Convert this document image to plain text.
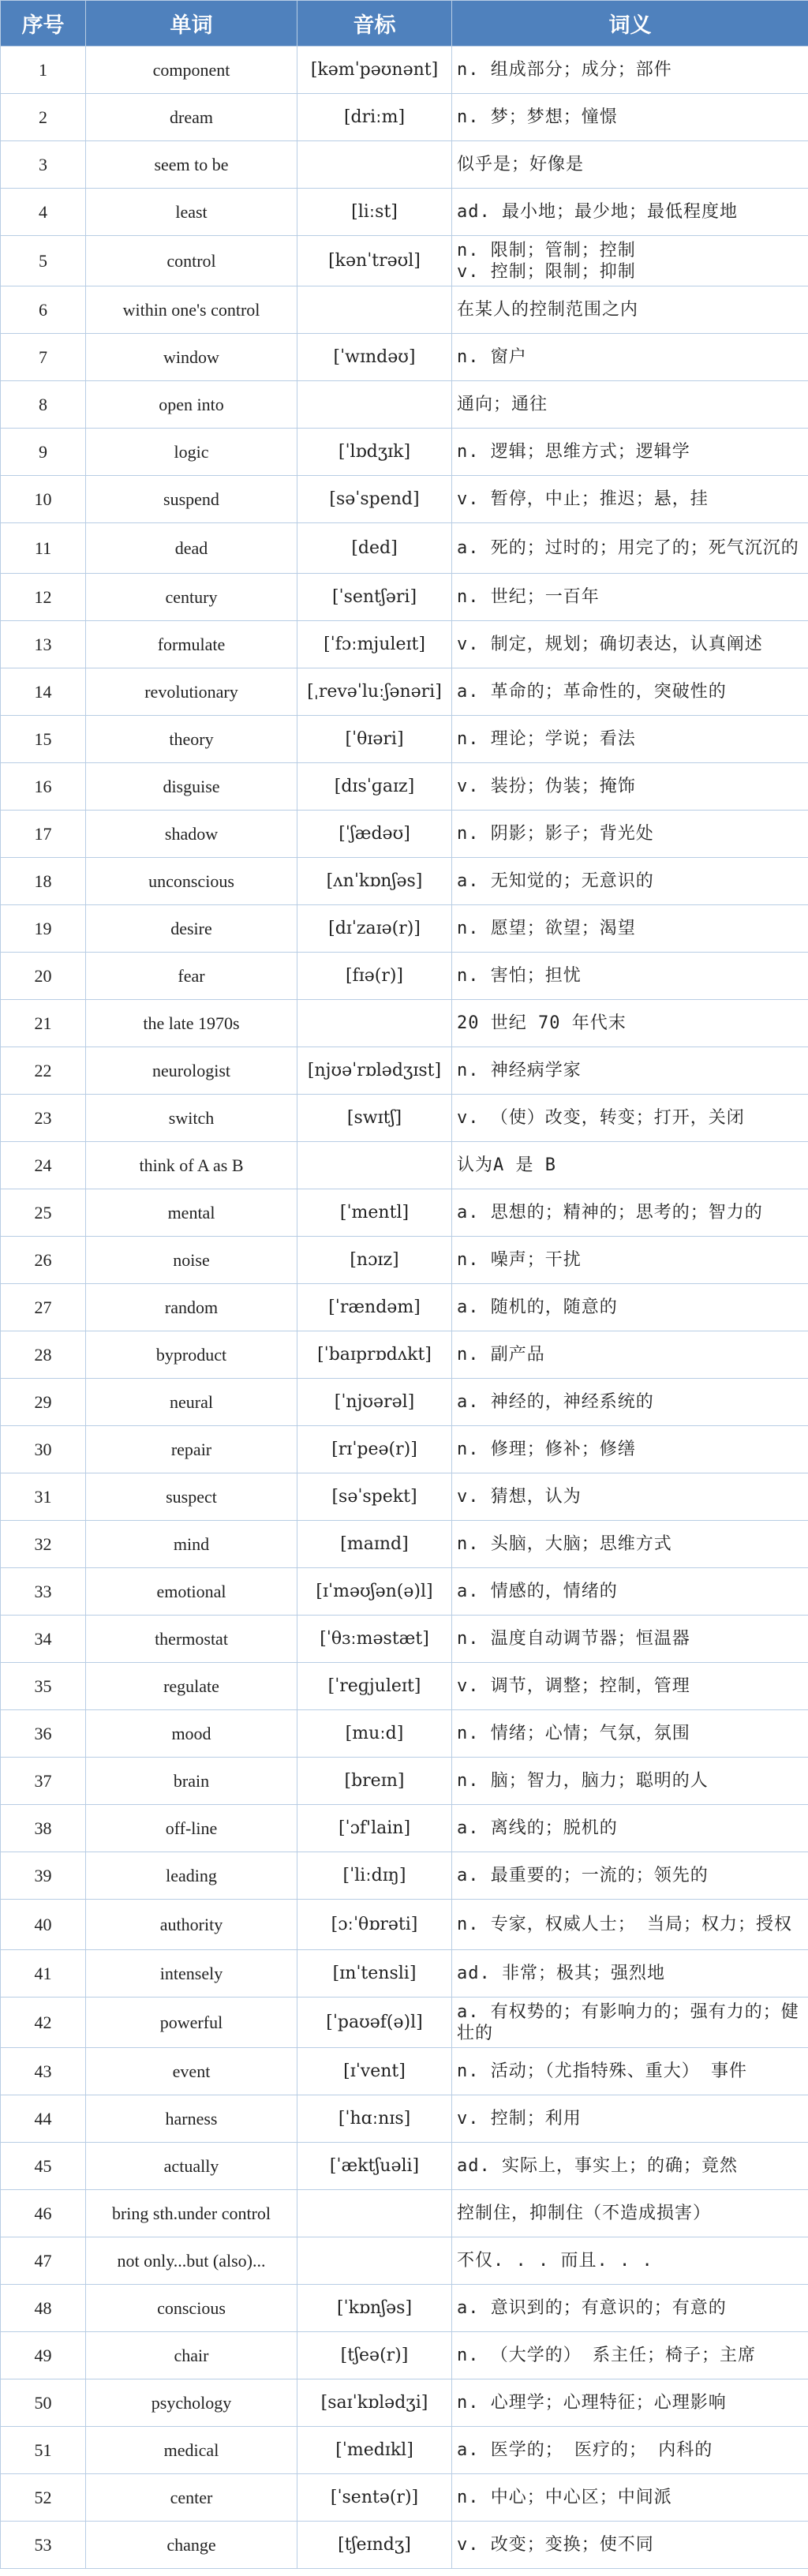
序号	单词	音标	词义
1	component	[kəmˈpəʊnənt]	n. 组成部分；成分；部件
2	dream	[driːm]	n. 梦；梦想；憧憬
3	seem to be		似乎是；好像是
4	least	[liːst]	ad. 最小地；最少地；最低程度地
5	control	[kənˈtrəʊl]	n. 限制；管制；控制
v. 控制；限制；抑制
6	within one's control		在某人的控制范围之内
7	window	[ˈwɪndəʊ]	n. 窗户
8	open into		通向；通往
9	logic	[ˈlɒdʒɪk]	n. 逻辑；思维方式；逻辑学
10	suspend	[səˈspend]	v. 暂停，中止；推迟；悬，挂
11	dead	[ded]	a. 死的；过时的；用完了的；死气沉沉的
12	century	[ˈsentʃəri]	n. 世纪；一百年
13	formulate	[ˈfɔːmjuleɪt]	v. 制定，规划；确切表达，认真阐述
14	revolutionary	[ˌrevəˈluːʃənəri]	a. 革命的；革命性的，突破性的
15	theory	[ˈθɪəri]	n. 理论；学说；看法
16	disguise	[dɪsˈɡaɪz]	v. 装扮；伪装；掩饰
17	shadow	[ˈʃædəʊ]	n. 阴影；影子；背光处
18	unconscious	[ʌnˈkɒnʃəs]	a. 无知觉的；无意识的
19	desire	[dɪˈzaɪə(r)]	n. 愿望；欲望；渴望
20	fear	[fɪə(r)]	n. 害怕；担忧
21	the late 1970s		20 世纪 70 年代末
22	neurologist	[njʊəˈrɒlədʒɪst]	n. 神经病学家
23	switch	[swɪtʃ]	v. （使）改变，转变；打开，关闭
24	think of A as B		认为A 是 B
25	mental	[ˈmentl]	a. 思想的；精神的；思考的；智力的
26	noise	[nɔɪz]	n. 噪声；干扰
27	random	[ˈrændəm]	a. 随机的，随意的
28	byproduct	[ˈbaɪprɒdʌkt]	n. 副产品
29	neural	[ˈnjʊərəl]	a. 神经的，神经系统的
30	repair	[rɪˈpeə(r)]	n. 修理；修补；修缮
31	suspect	[səˈspekt]	v. 猜想，认为
32	mind	[maɪnd]	n. 头脑，大脑；思维方式
33	emotional	[ɪˈməʊʃən(ə)l]	a. 情感的，情绪的
34	thermostat	[ˈθɜːməstæt]	n. 温度自动调节器；恒温器
35	regulate	[ˈreɡjuleɪt]	v. 调节，调整；控制，管理
36	mood	[muːd]	n. 情绪；心情；气氛，氛围
37	brain	[breɪn]	n. 脑；智力，脑力；聪明的人
38	off-line	[ˈɔf'lain]	a. 离线的；脱机的
39	leading	[ˈliːdɪŋ]	a. 最重要的；一流的；领先的
40	authority	[ɔːˈθɒrəti]	n. 专家，权威人士； 当局；权力；授权
41	intensely	[ɪnˈtensli]	ad. 非常；极其；强烈地
42	powerful	[ˈpaʊəf(ə)l]	a. 有权势的；有影响力的；强有力的；健壮的
43	event	[ɪˈvent]	n. 活动；（尤指特殊、重大） 事件
44	harness	[ˈhɑːnɪs]	v. 控制；利用
45	actually	[ˈæktʃuəli]	ad. 实际上，事实上；的确；竟然
46	bring sth.under control		控制住，抑制住（不造成损害）
47	not only...but (also)...		不仅. . . 而且. . .
48	conscious	[ˈkɒnʃəs]	a. 意识到的；有意识的；有意的
49	chair	[tʃeə(r)]	n. （大学的） 系主任；椅子；主席
50	psychology	[saɪˈkɒlədʒi]	n. 心理学；心理特征；心理影响
51	medical	[ˈmedɪkl]	a. 医学的； 医疗的； 内科的
52	center	[ˈsentə(r)]	n. 中心；中心区；中间派
53	change	[tʃeɪndʒ]	v. 改变；变换；使不同
